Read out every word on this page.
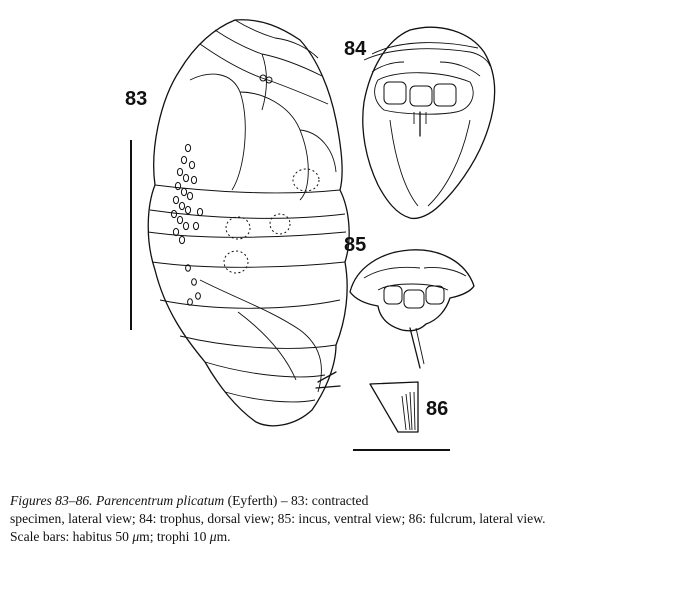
83
84
85
86

Figures 83–86. Parencentrum plicatum (Eyferth) – 83: contracted

specimen, lateral view; 84: trophus, dorsal view; 85: incus, ventral view; 86: fulcrum, lateral view.

Scale bars: habitus 50 μm; trophi 10 μm.
